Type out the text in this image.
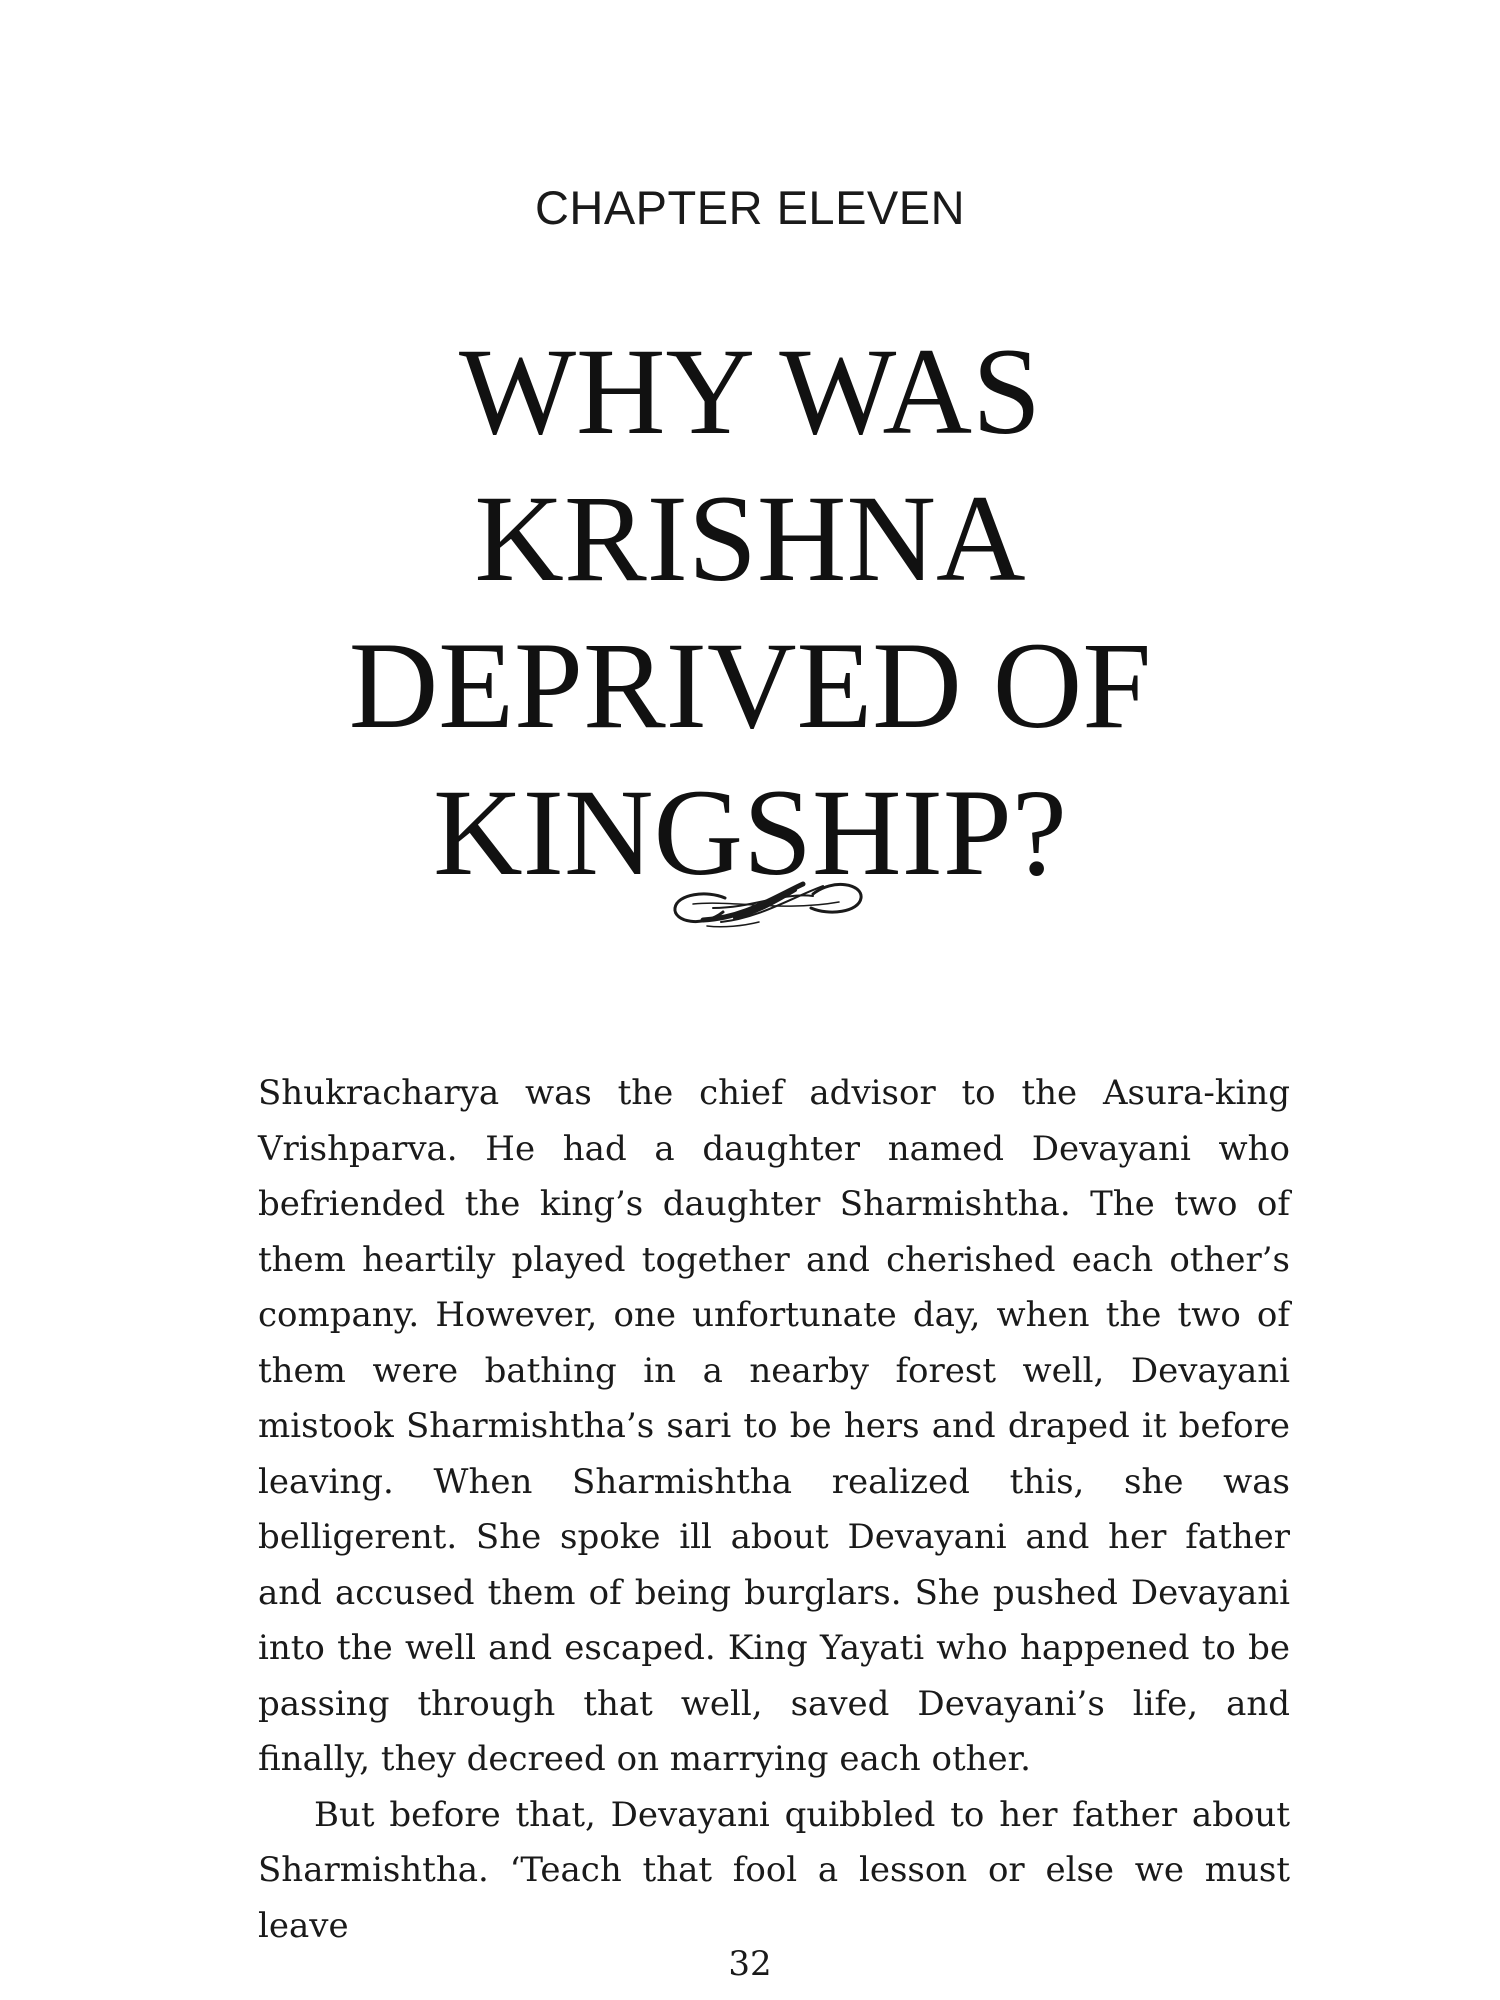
CHAPTER ELEVEN
WHY WAS
KRISHNA
DEPRIVED OF
KINGSHIP?

Shukracharya was the chief advisor to the Asura-king Vrishparva. He had a daughter named Devayani who befriended the king’s daughter Sharmishtha. The two of them heartily played together and cherished each other’s company. However, one unfortunate day, when the two of them were bathing in a nearby forest well, Devayani mistook Sharmishtha’s sari to be hers and draped it before leaving. When Sharmishtha realized this, she was belligerent. She spoke ill about Devayani and her father and accused them of being burglars. She pushed Devayani into the well and escaped. King Yayati who happened to be passing through that well, saved Devayani’s life, and finally, they decreed on marrying each other.

But before that, Devayani quibbled to her father about Sharmishtha. ‘Teach that fool a lesson or else we must leave

32
